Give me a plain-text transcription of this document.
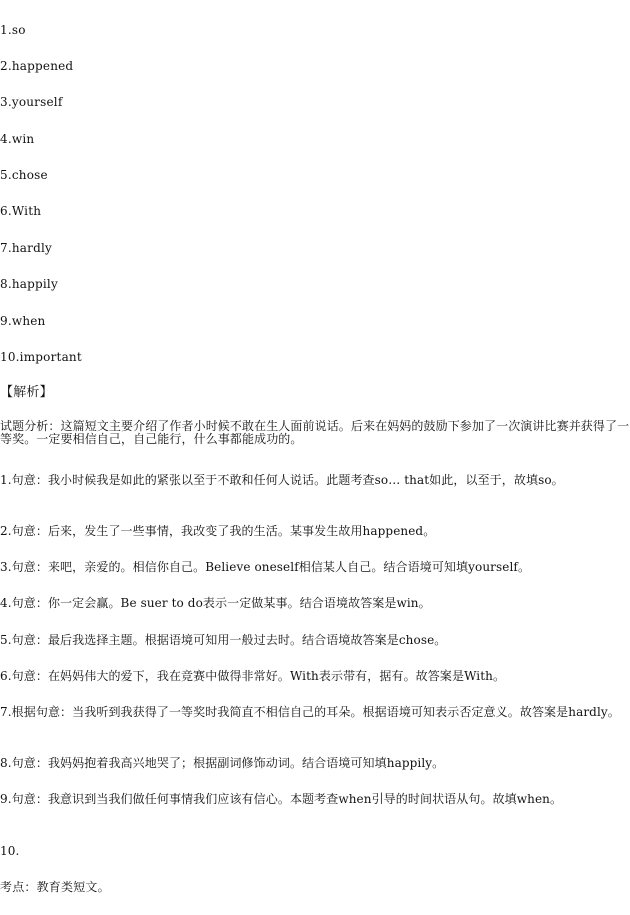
1.so
2.happened
3.yourself
4.win
5.chose
6.With
7.hardly
8.happily
9.when
10.important
【解析】
试题分析：这篇短文主要介绍了作者小时候不敢在生人面前说话。后来在妈妈的鼓励下参加了一次演讲比赛并获得了一等奖。一定要相信自己，自己能行，什么事都能成功的。
1.句意：我小时候我是如此的紧张以至于不敢和任何人说话。此题考查so… that如此，以至于，故填so。
2.句意：后来，发生了一些事情，我改变了我的生活。某事发生故用happened。
3.句意：来吧，亲爱的。相信你自己。Believe oneself相信某人自己。结合语境可知填yourself。
4.句意：你一定会赢。Be suer to do表示一定做某事。结合语境故答案是win。
5.句意：最后我选择主题。根据语境可知用一般过去时。结合语境故答案是chose。
6.句意：在妈妈伟大的爱下，我在竞赛中做得非常好。With表示带有，据有。故答案是With。
7.根据句意：当我听到我获得了一等奖时我简直不相信自己的耳朵。根据语境可知表示否定意义。故答案是hardly。
8.句意：我妈妈抱着我高兴地哭了；根据副词修饰动词。结合语境可知填happily。
9.句意：我意识到当我们做任何事情我们应该有信心。本题考查when引导的时间状语从句。故填when。
10.
考点：教育类短文。
